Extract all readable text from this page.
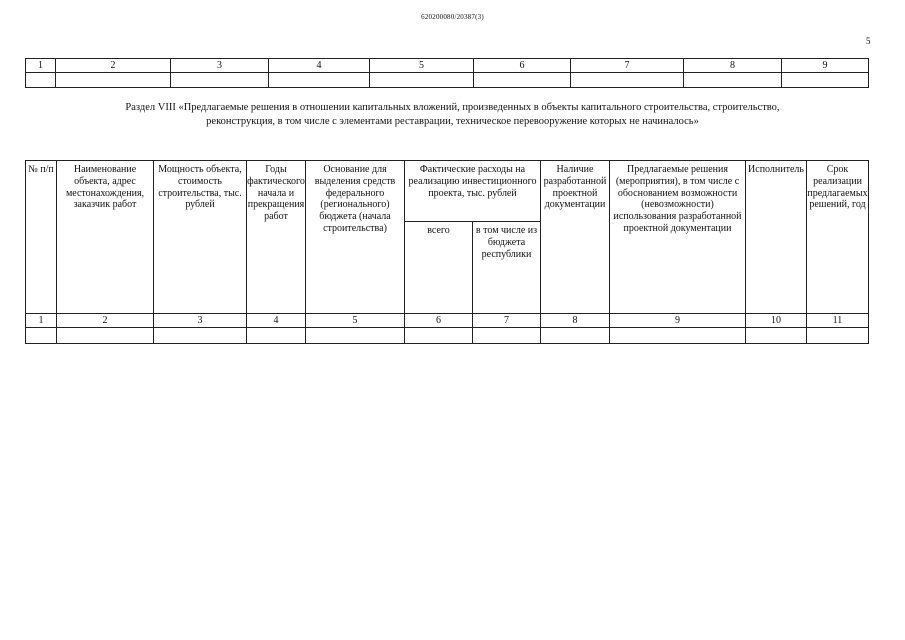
620200080/20387(3)
5
1	2	3	4	5	6	7	8	9

Раздел VIII «Предлагаемые решения в отношении капитальных вложений, произведенных в объекты капитального строительства, строительство, реконструкция, в том числе с элементами реставрации, техническое перевооружение которых не начиналось»
№ п/п	Наименование объекта, адрес местонахождения, заказчик работ	Мощность объекта, стоимость строительства, тыс. рублей	Годы фактического начала и прекращения работ	Основание для выделения средств федерального (регионального) бюджета (начала строительства)	Фактические расходы на реализацию инвестиционного проекта, тыс. рублей		Наличие разработанной проектной документации	Предлагаемые решения (мероприятия), в том числе с обоснованием возможности (невозможности) использования разработанной проектной документации	Исполнитель	Срок реализации предлагаемых решений, год
					всего	в том числе из бюджета республики				
1	2	3	4	5	6	7	8	9	10	11
